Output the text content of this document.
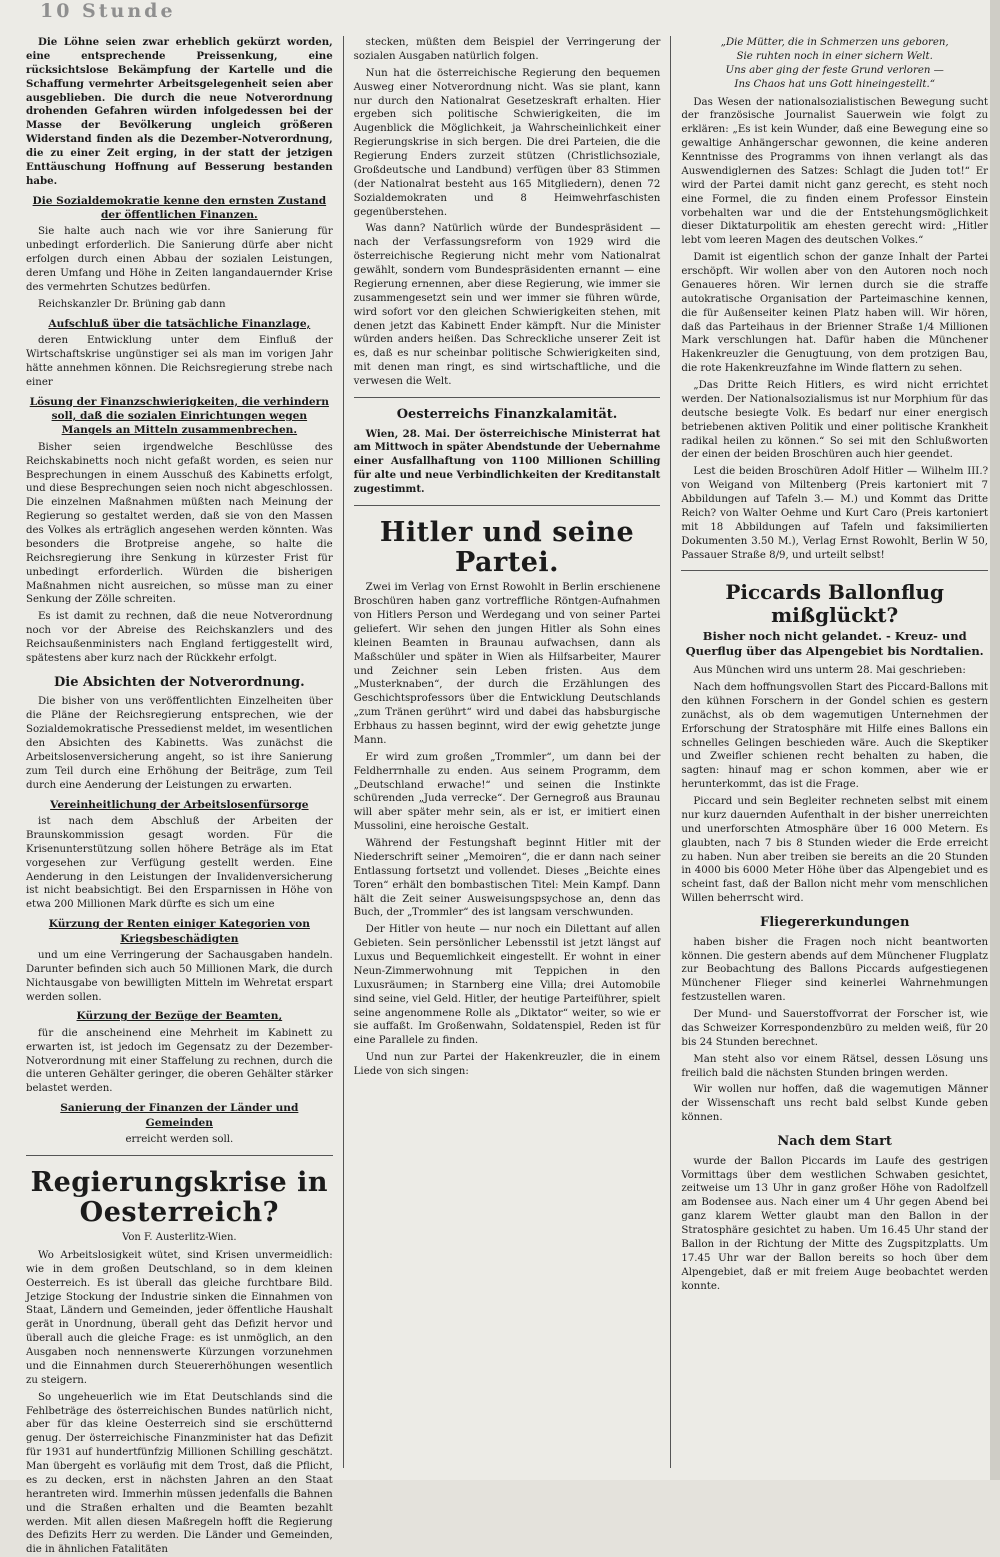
10 Stunde

Die Löhne seien zwar erheblich gekürzt worden, eine entsprechende Preissenkung, eine rücksichtslose Bekämpfung der Kartelle und die Schaffung vermehrter Arbeitsgelegenheit seien aber ausgeblieben. Die durch die neue Notverordnung drohenden Gefahren würden infolgedessen bei der Masse der Bevölkerung ungleich größeren Widerstand finden als die Dezember-Notverordnung, die zu einer Zeit erging, in der statt der jetzigen Enttäuschung Hoffnung auf Besserung bestanden habe.

Die Sozialdemokratie kenne den ernsten Zustand der öffentlichen Finanzen.

Sie halte auch nach wie vor ihre Sanierung für unbedingt erforderlich. Die Sanierung dürfe aber nicht erfolgen durch einen Abbau der sozialen Leistungen, deren Umfang und Höhe in Zeiten langandauernder Krise des vermehrten Schutzes bedürfen.

Reichskanzler Dr. Brüning gab dann

Aufschluß über die tatsächliche Finanzlage,

deren Entwicklung unter dem Einfluß der Wirtschaftskrise ungünstiger sei als man im vorigen Jahr hätte annehmen können. Die Reichsregierung strebe nach einer

Lösung der Finanzschwierigkeiten, die verhindern soll, daß die sozialen Einrichtungen wegen Mangels an Mitteln zusammenbrechen.

Bisher seien irgendwelche Beschlüsse des Reichskabinetts noch nicht gefaßt worden, es seien nur Besprechungen in einem Ausschuß des Kabinetts erfolgt, und diese Besprechungen seien noch nicht abgeschlossen. Die einzelnen Maßnahmen müßten nach Meinung der Regierung so gestaltet werden, daß sie von den Massen des Volkes als erträglich angesehen werden könnten. Was besonders die Brotpreise angehe, so halte die Reichsregierung ihre Senkung in kürzester Frist für unbedingt erforderlich. Würden die bisherigen Maßnahmen nicht ausreichen, so müsse man zu einer Senkung der Zölle schreiten.

Es ist damit zu rechnen, daß die neue Notverordnung noch vor der Abreise des Reichskanzlers und des Reichsaußenministers nach England fertiggestellt wird, spätestens aber kurz nach der Rückkehr erfolgt.

Die Absichten der Notverordnung.

Die bisher von uns veröffentlichten Einzelheiten über die Pläne der Reichsregierung entsprechen, wie der Sozialdemokratische Pressedienst meldet, im wesentlichen den Absichten des Kabinetts. Was zunächst die Arbeitslosenversicherung angeht, so ist ihre Sanierung zum Teil durch eine Erhöhung der Beiträge, zum Teil durch eine Aenderung der Leistungen zu erwarten.

Vereinheitlichung der Arbeitslosenfürsorge

ist nach dem Abschluß der Arbeiten der Braunskommission gesagt worden. Für die Krisenunterstützung sollen höhere Beträge als im Etat vorgesehen zur Verfügung gestellt werden. Eine Aenderung in den Leistungen der Invalidenversicherung ist nicht beabsichtigt. Bei den Ersparnissen in Höhe von etwa 200 Millionen Mark dürfte es sich um eine

Kürzung der Renten einiger Kategorien von Kriegsbeschädigten

und um eine Verringerung der Sachausgaben handeln. Darunter befinden sich auch 50 Millionen Mark, die durch Nichtausgabe von bewilligten Mitteln im Wehretat erspart werden sollen.

Kürzung der Bezüge der Beamten,

für die anscheinend eine Mehrheit im Kabinett zu erwarten ist, ist jedoch im Gegensatz zu der Dezember-Notverordnung mit einer Staffelung zu rechnen, durch die die unteren Gehälter geringer, die oberen Gehälter stärker belastet werden.

Sanierung der Finanzen der Länder und Gemeinden

erreicht werden soll.

Regierungskrise in Oesterreich?
Von F. Austerlitz-Wien.

Wo Arbeitslosigkeit wütet, sind Krisen unvermeidlich: wie in dem großen Deutschland, so in dem kleinen Oesterreich. Es ist überall das gleiche furchtbare Bild. Jetzige Stockung der Industrie sinken die Einnahmen von Staat, Ländern und Gemeinden, jeder öffentliche Haushalt gerät in Unordnung, überall geht das Defizit hervor und überall auch die gleiche Frage: es ist unmöglich, an den Ausgaben noch nennenswerte Kürzungen vorzunehmen und die Einnahmen durch Steuererhöhungen wesentlich zu steigern.

So ungeheuerlich wie im Etat Deutschlands sind die Fehlbeträge des österreichischen Bundes natürlich nicht, aber für das kleine Oesterreich sind sie erschütternd genug. Der österreichische Finanzminister hat das Defizit für 1931 auf hundertfünfzig Millionen Schilling geschätzt. Man übergeht es vorläufig mit dem Trost, daß die Pflicht, es zu decken, erst in nächsten Jahren an den Staat herantreten wird. Immerhin müssen jedenfalls die Bahnen und die Straßen erhalten und die Beamten bezahlt werden. Mit allen diesen Maßregeln hofft die Regierung des Defizits Herr zu werden. Die Länder und Gemeinden, die in ähnlichen Fatalitäten

stecken, müßten dem Beispiel der Verringerung der sozialen Ausgaben natürlich folgen.

Nun hat die österreichische Regierung den bequemen Ausweg einer Notverordnung nicht. Was sie plant, kann nur durch den Nationalrat Gesetzeskraft erhalten. Hier ergeben sich politische Schwierigkeiten, die im Augenblick die Möglichkeit, ja Wahrscheinlichkeit einer Regierungskrise in sich bergen. Die drei Parteien, die die Regierung Enders zurzeit stützen (Christlichsoziale, Großdeutsche und Landbund) verfügen über 83 Stimmen (der Nationalrat besteht aus 165 Mitgliedern), denen 72 Sozialdemokraten und 8 Heimwehrfaschisten gegenüberstehen.

Was dann? Natürlich würde der Bundespräsident — nach der Verfassungsreform von 1929 wird die österreichische Regierung nicht mehr vom Nationalrat gewählt, sondern vom Bundespräsidenten ernannt — eine Regierung ernennen, aber diese Regierung, wie immer sie zusammengesetzt sein und wer immer sie führen würde, wird sofort vor den gleichen Schwierigkeiten stehen, mit denen jetzt das Kabinett Ender kämpft. Nur die Minister würden anders heißen. Das Schreckliche unserer Zeit ist es, daß es nur scheinbar politische Schwierigkeiten sind, mit denen man ringt, es sind wirtschaftliche, und die verwesen die Welt.

Oesterreichs Finanzkalamität.

Wien, 28. Mai. Der österreichische Ministerrat hat am Mittwoch in später Abendstunde der Uebernahme einer Ausfallhaftung von 1100 Millionen Schilling für alte und neue Verbindlichkeiten der Kreditanstalt zugestimmt.

Hitler und seine Partei.

Zwei im Verlag von Ernst Rowohlt in Berlin erschienene Broschüren haben ganz vortreffliche Röntgen-Aufnahmen von Hitlers Person und Werdegang und von seiner Partei geliefert. Wir sehen den jungen Hitler als Sohn eines kleinen Beamten in Braunau aufwachsen, dann als Maßschüler und später in Wien als Hilfsarbeiter, Maurer und Zeichner sein Leben fristen. Aus dem „Musterknaben“, der durch die Erzählungen des Geschichtsprofessors über die Entwicklung Deutschlands „zum Tränen gerührt“ wird und dabei das habsburgische Erbhaus zu hassen beginnt, wird der ewig gehetzte junge Mann.

Er wird zum großen „Trommler“, um dann bei der Feldherrnhalle zu enden. Aus seinem Programm, dem „Deutschland erwache!“ und seinen die Instinkte schürenden „Juda verrecke“. Der Gernegroß aus Braunau will aber später mehr sein, als er ist, er imitiert einen Mussolini, eine heroische Gestalt.

Während der Festungshaft beginnt Hitler mit der Niederschrift seiner „Memoiren“, die er dann nach seiner Entlassung fortsetzt und vollendet. Dieses „Beichte eines Toren“ erhält den bombastischen Titel: Mein Kampf. Dann hält die Zeit seiner Ausweisungspsychose an, denn das Buch, der „Trommler“ des ist langsam verschwunden.

Der Hitler von heute — nur noch ein Dilettant auf allen Gebieten. Sein persönlicher Lebensstil ist jetzt längst auf Luxus und Bequemlichkeit eingestellt. Er wohnt in einer Neun-Zimmerwohnung mit Teppichen in den Luxusräumen; in Starnberg eine Villa; drei Automobile sind seine, viel Geld. Hitler, der heutige Parteiführer, spielt seine angenommene Rolle als „Diktator“ weiter, so wie er sie auffaßt. Im Großenwahn, Soldatenspiel, Reden ist für eine Parallele zu finden.

Und nun zur Partei der Hakenkreuzler, die in einem Liede von sich singen:

„Die Mütter, die in Schmerzen uns geboren,
Sie ruhten noch in einer sichern Welt.
Uns aber ging der feste Grund verloren —
Ins Chaos hat uns Gott hineingestellt.“

Das Wesen der nationalsozialistischen Bewegung sucht der französische Journalist Sauerwein wie folgt zu erklären: „Es ist kein Wunder, daß eine Bewegung eine so gewaltige Anhängerschar gewonnen, die keine anderen Kenntnisse des Programms von ihnen verlangt als das Auswendiglernen des Satzes: Schlagt die Juden tot!“ Er wird der Partei damit nicht ganz gerecht, es steht noch eine Formel, die zu finden einem Professor Einstein vorbehalten war und die der Entstehungsmöglichkeit dieser Diktaturpolitik am ehesten gerecht wird: „Hitler lebt vom leeren Magen des deutschen Volkes.“

Damit ist eigentlich schon der ganze Inhalt der Partei erschöpft. Wir wollen aber von den Autoren noch noch Genaueres hören. Wir lernen durch sie die straffe autokratische Organisation der Parteimaschine kennen, die für Außenseiter keinen Platz haben will. Wir hören, daß das Parteihaus in der Brienner Straße 1/4 Millionen Mark verschlungen hat. Dafür haben die Münchener Hakenkreuzler die Genugtuung, von dem protzigen Bau, die rote Hakenkreuzfahne im Winde flattern zu sehen.

„Das Dritte Reich Hitlers, es wird nicht errichtet werden. Der Nationalsozialismus ist nur Morphium für das deutsche besiegte Volk. Es bedarf nur einer energisch betriebenen aktiven Politik und einer politische Krankheit radikal heilen zu können.“ So sei mit den Schlußworten der einen der beiden Broschüren auch hier geendet.

Lest die beiden Broschüren Adolf Hitler — Wilhelm III.? von Weigand von Miltenberg (Preis kartoniert mit 7 Abbildungen auf Tafeln 3.— M.) und Kommt das Dritte Reich? von Walter Oehme und Kurt Caro (Preis kartoniert mit 18 Abbildungen auf Tafeln und faksimilierten Dokumenten 3.50 M.), Verlag Ernst Rowohlt, Berlin W 50, Passauer Straße 8/9, und urteilt selbst!

Piccards Ballonflug mißglückt?
Bisher noch nicht gelandet. - Kreuz- und Querflug über das Alpengebiet bis Nordtalien.

Aus München wird uns unterm 28. Mai geschrieben:

Nach dem hoffnungsvollen Start des Piccard-Ballons mit den kühnen Forschern in der Gondel schien es gestern zunächst, als ob dem wagemutigen Unternehmen der Erforschung der Stratosphäre mit Hilfe eines Ballons ein schnelles Gelingen beschieden wäre. Auch die Skeptiker und Zweifler schienen recht behalten zu haben, die sagten: hinauf mag er schon kommen, aber wie er herunterkommt, das ist die Frage.

Piccard und sein Begleiter rechneten selbst mit einem nur kurz dauernden Aufenthalt in der bisher unerreichten und unerforschten Atmosphäre über 16 000 Metern. Es glaubten, nach 7 bis 8 Stunden wieder die Erde erreicht zu haben. Nun aber treiben sie bereits an die 20 Stunden in 4000 bis 6000 Meter Höhe über das Alpengebiet und es scheint fast, daß der Ballon nicht mehr vom menschlichen Willen beherrscht wird.

Fliegererkundungen

haben bisher die Fragen noch nicht beantworten können. Die gestern abends auf dem Münchener Flugplatz zur Beobachtung des Ballons Piccards aufgestiegenen Münchener Flieger sind keinerlei Wahrnehmungen festzustellen waren.

Der Mund- und Sauerstoffvorrat der Forscher ist, wie das Schweizer Korrespondenzbüro zu melden weiß, für 20 bis 24 Stunden berechnet.

Man steht also vor einem Rätsel, dessen Lösung uns freilich bald die nächsten Stunden bringen werden.

Wir wollen nur hoffen, daß die wagemutigen Männer der Wissenschaft uns recht bald selbst Kunde geben können.

Nach dem Start

wurde der Ballon Piccards im Laufe des gestrigen Vormittags über dem westlichen Schwaben gesichtet, zeitweise um 13 Uhr in ganz großer Höhe von Radolfzell am Bodensee aus. Nach einer um 4 Uhr gegen Abend bei ganz klarem Wetter glaubt man den Ballon in der Stratosphäre gesichtet zu haben. Um 16.45 Uhr stand der Ballon in der Richtung der Mitte des Zugspitzplatts. Um 17.45 Uhr war der Ballon bereits so hoch über dem Alpengebiet, daß er mit freiem Auge beobachtet werden konnte.
